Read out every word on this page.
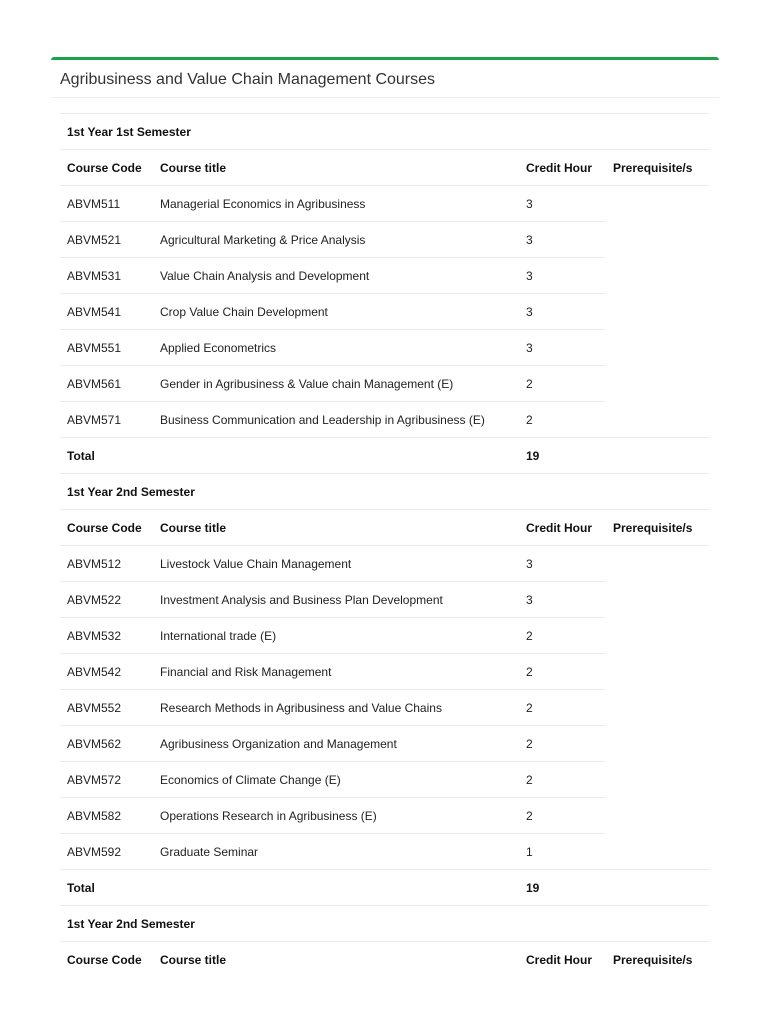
Agribusiness and Value Chain Management Courses
1st Year 1st Semester			
Course Code	Course title	Credit Hour	Prerequisite/s
ABVM511	Managerial Economics in Agribusiness	3	
ABVM521	Agricultural Marketing & Price Analysis	3	
ABVM531	Value Chain Analysis and Development	3	
ABVM541	Crop Value Chain Development	3	
ABVM551	Applied Econometrics	3	
ABVM561	Gender in Agribusiness & Value chain Management (E)	2	
ABVM571	Business Communication and Leadership in Agribusiness (E)	2	
Total		19	
1st Year 2nd Semester			
Course Code	Course title	Credit Hour	Prerequisite/s
ABVM512	Livestock Value Chain Management	3	
ABVM522	Investment Analysis and Business Plan Development	3	
ABVM532	International trade (E)	2	
ABVM542	Financial and Risk Management	2	
ABVM552	Research Methods in Agribusiness and Value Chains	2	
ABVM562	Agribusiness Organization and Management	2	
ABVM572	Economics of Climate Change (E)	2	
ABVM582	Operations Research in Agribusiness (E)	2	
ABVM592	Graduate Seminar	1	
Total		19	
1st Year 2nd Semester			
Course Code	Course title	Credit Hour	Prerequisite/s
